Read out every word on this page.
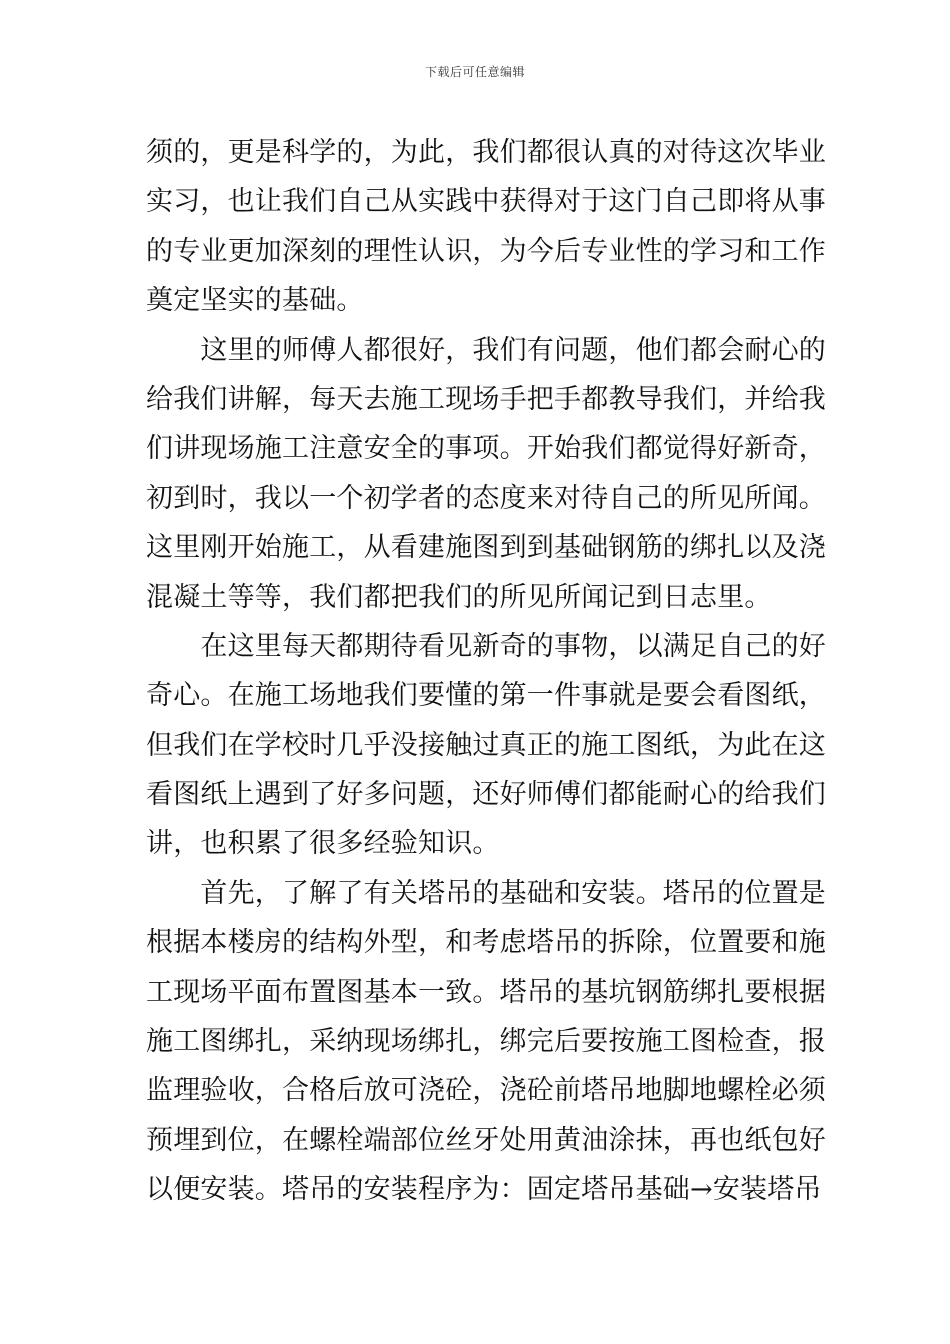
下载后可任意编辑
须的，更是科学的，为此，我们都很认真的对待这次毕业
实习，也让我们自己从实践中获得对于这门自己即将从事
的专业更加深刻的理性认识，为今后专业性的学习和工作
奠定坚实的基础。
　　这里的师傅人都很好，我们有问题，他们都会耐心的
给我们讲解，每天去施工现场手把手都教导我们，并给我
们讲现场施工注意安全的事项。开始我们都觉得好新奇，
初到时，我以一个初学者的态度来对待自己的所见所闻。
这里刚开始施工，从看建施图到到基础钢筋的绑扎以及浇
混凝土等等，我们都把我们的所见所闻记到日志里。
　　在这里每天都期待看见新奇的事物，以满足自己的好
奇心。在施工场地我们要懂的第一件事就是要会看图纸，
但我们在学校时几乎没接触过真正的施工图纸，为此在这
看图纸上遇到了好多问题，还好师傅们都能耐心的给我们
讲，也积累了很多经验知识。
　　首先，了解了有关塔吊的基础和安装。塔吊的位置是
根据本楼房的结构外型，和考虑塔吊的拆除，位置要和施
工现场平面布置图基本一致。塔吊的基坑钢筋绑扎要根据
施工图绑扎，采纳现场绑扎，绑完后要按施工图检查，报
监理验收，合格后放可浇砼，浇砼前塔吊地脚地螺栓必须
预埋到位，在螺栓端部位丝牙处用黄油涂抹，再也纸包好
以便安装。塔吊的安装程序为：固定塔吊基础→安装塔吊
